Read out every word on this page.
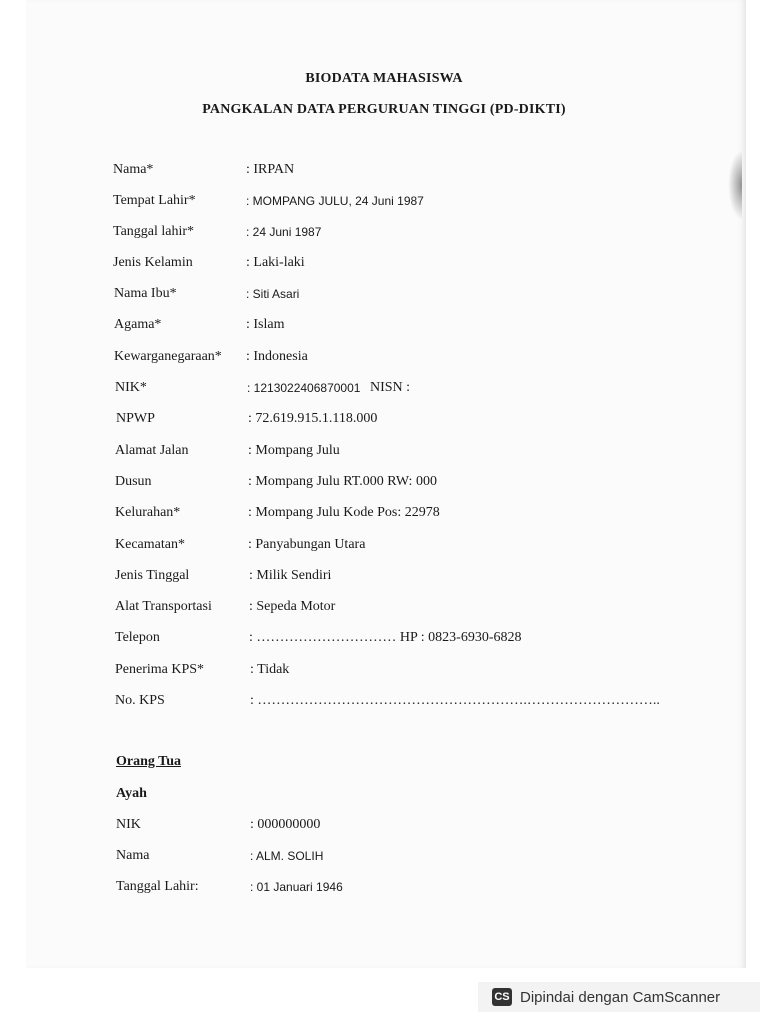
BIODATA MAHASISWA
PANGKALAN DATA PERGURUAN TINGGI (PD-DIKTI)
Nama*	: IRPAN
Tempat Lahir*	: MOMPANG JULU, 24 Juni 1987
Tanggal lahir*	: 24 Juni 1987
Jenis Kelamin	: Laki-laki
Nama Ibu*	: Siti Asari
Agama*	: Islam
Kewarganegaraan* : Indonesia
NIK*	: 1213022406870001 NISN :
NPWP	: 72.619.915.1.118.000
Alamat Jalan	: Mompang Julu
Dusun	: Mompang Julu RT.000 RW: 000
Kelurahan*	: Mompang Julu Kode Pos: 22978
Kecamatan*	: Panyabungan Utara
Jenis Tinggal	: Milik Sendiri
Alat Transportasi	: Sepeda Motor
Telepon	: ………………………… HP : 0823-6930-6828
Penerima KPS*	: Tidak
No. KPS	: ………………………………………………….………………………..
Orang Tua
Ayah
NIK	: 000000000
Nama	: ALM. SOLIH
Tanggal Lahir:	: 01 Januari 1946
CS Dipindai dengan CamScanner
